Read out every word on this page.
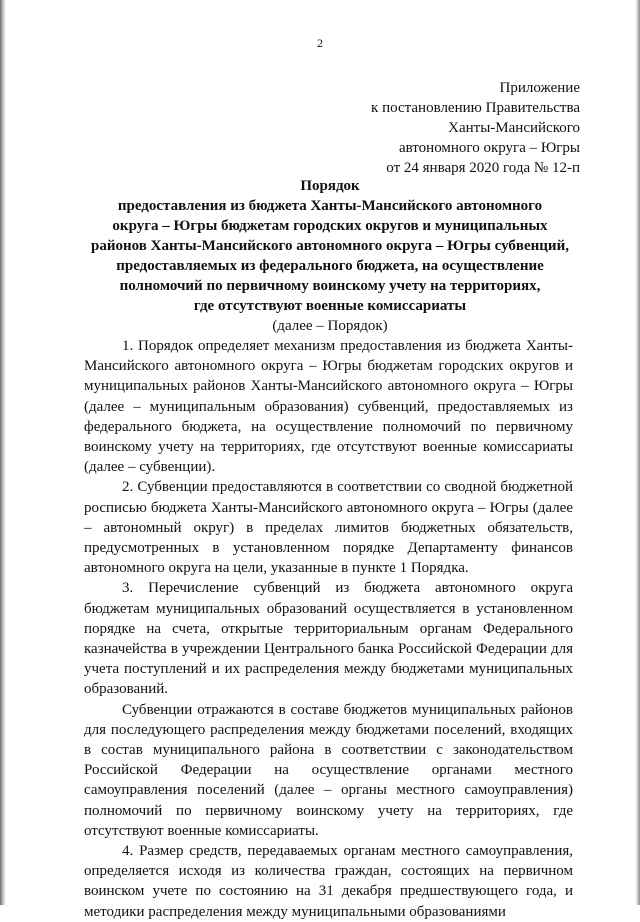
2
Приложение
к постановлению Правительства
Ханты-Мансийского
автономного округа – Югры
от 24 января 2020 года № 12-п
Порядок
предоставления из бюджета Ханты-Мансийского автономного
округа – Югры бюджетам городских округов и муниципальных
районов Ханты-Мансийского автономного округа – Югры субвенций,
предоставляемых из федерального бюджета, на осуществление
полномочий по первичному воинскому учету на территориях,
где отсутствуют военные комиссариаты
(далее – Порядок)

1. Порядок определяет механизм предоставления из бюджета Ханты-Мансийского автономного округа – Югры бюджетам городских округов и муниципальных районов Ханты-Мансийского автономного округа – Югры (далее – муниципальным образования) субвенций, предоставляемых из федерального бюджета, на осуществление полномочий по первичному воинскому учету на территориях, где отсутствуют военные комиссариаты (далее – субвенции).

2. Субвенции предоставляются в соответствии со сводной бюджетной росписью бюджета Ханты-Мансийского автономного округа – Югры (далее – автономный округ) в пределах лимитов бюджетных обязательств, предусмотренных в установленном порядке Департаменту финансов автономного округа на цели, указанные в пункте 1 Порядка.

3. Перечисление субвенций из бюджета автономного округа бюджетам муниципальных образований осуществляется в установленном порядке на счета, открытые территориальным органам Федерального казначейства в учреждении Центрального банка Российской Федерации для учета поступлений и их распределения между бюджетами муниципальных образований.

Субвенции отражаются в составе бюджетов муниципальных районов для последующего распределения между бюджетами поселений, входящих в состав муниципального района в соответствии с законодательством Российской Федерации на осуществление органами местного самоуправления поселений (далее – органы местного самоуправления) полномочий по первичному воинскому учету на территориях, где отсутствуют военные комиссариаты.

4. Размер средств, передаваемых органам местного самоуправления, определяется исходя из количества граждан, состоящих на первичном воинском учете по состоянию на 31 декабря предшествующего года, и методики распределения между муниципальными образованиями
